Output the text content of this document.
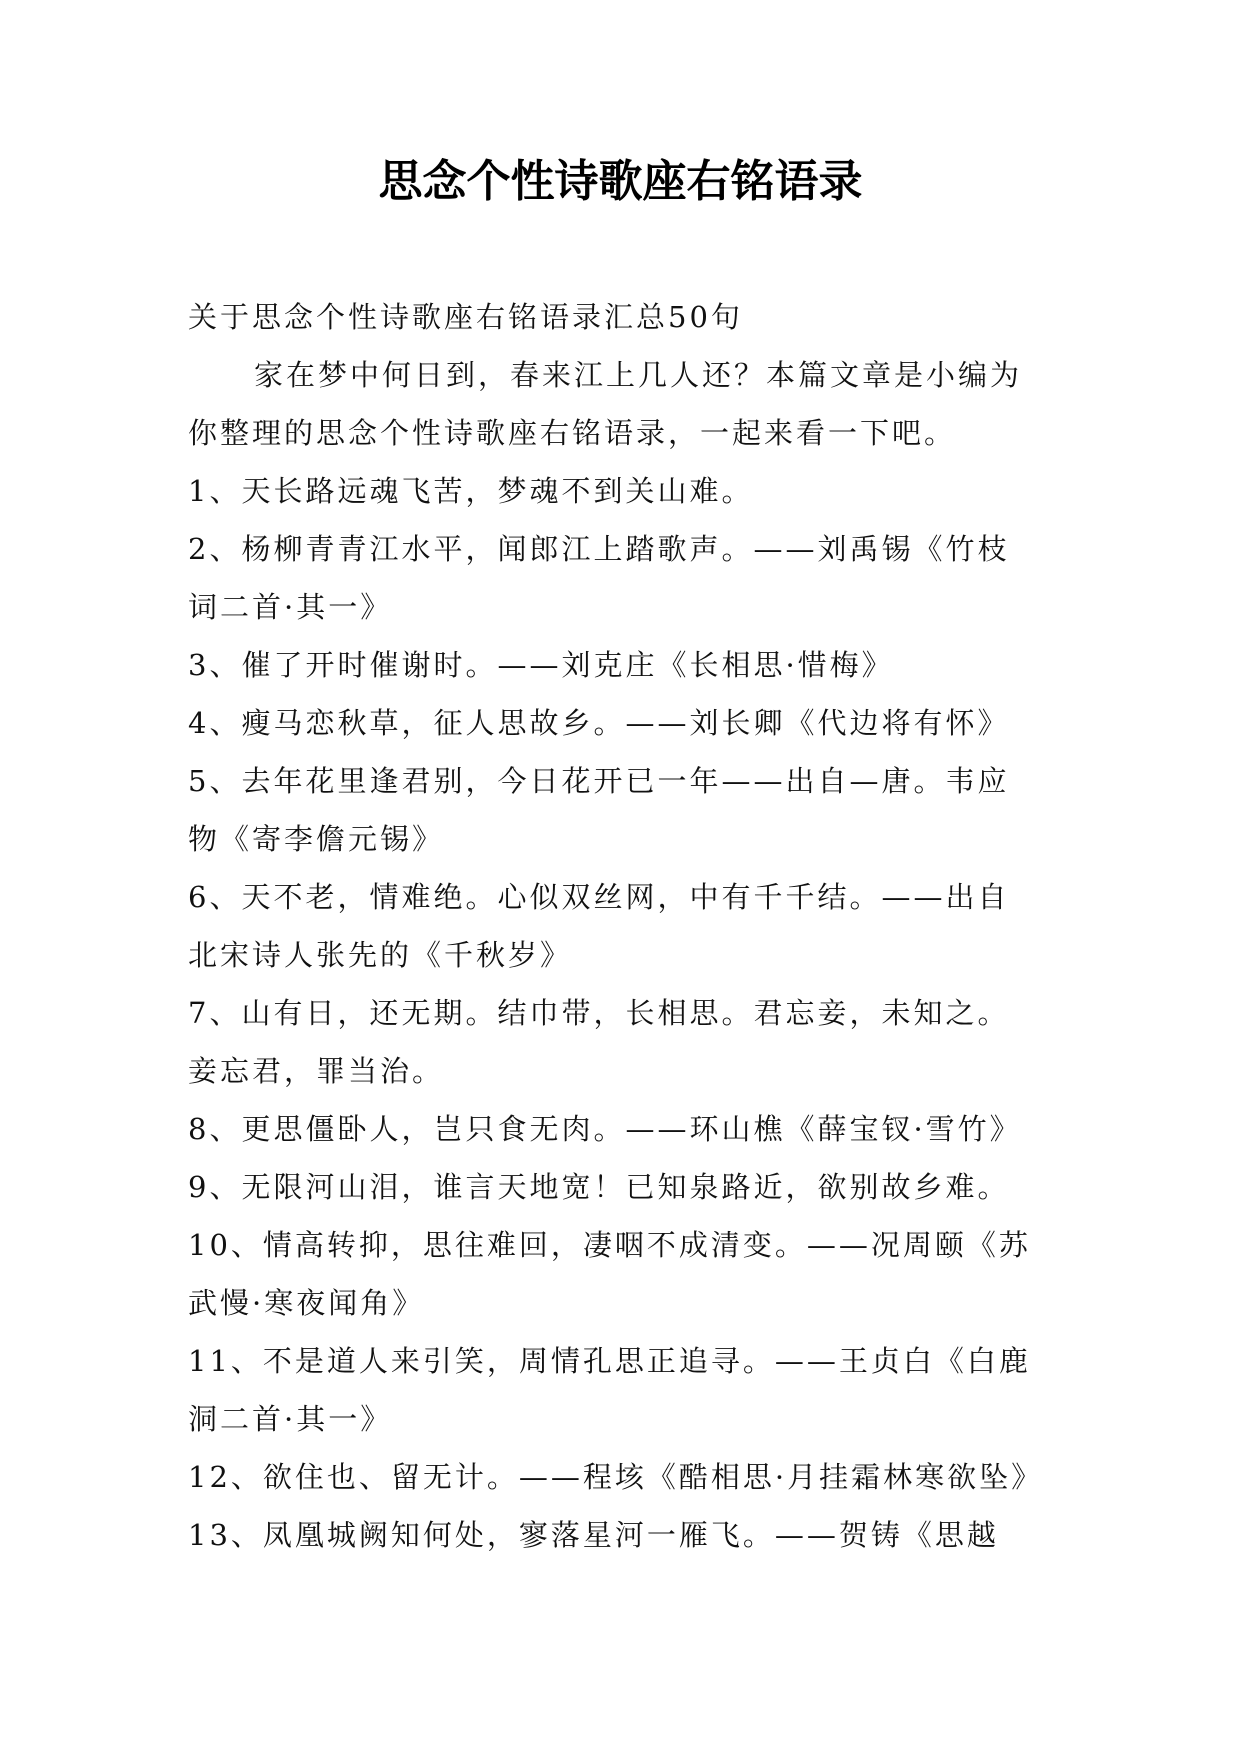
思念个性诗歌座右铭语录
关于思念个性诗歌座右铭语录汇总50句
家在梦中何日到，春来江上几人还？本篇文章是小编为
你整理的思念个性诗歌座右铭语录，一起来看一下吧。
1、天长路远魂飞苦，梦魂不到关山难。
2、杨柳青青江水平，闻郎江上踏歌声。——刘禹锡《竹枝
词二首·其一》
3、催了开时催谢时。——刘克庄《长相思·惜梅》
4、瘦马恋秋草，征人思故乡。——刘长卿《代边将有怀》
5、去年花里逢君别，今日花开已一年——出自—唐。韦应
物《寄李儋元锡》
6、天不老，情难绝。心似双丝网，中有千千结。——出自
北宋诗人张先的《千秋岁》
7、山有日，还无期。结巾带，长相思。君忘妾，未知之。
妾忘君，罪当治。
8、更思僵卧人，岂只食无肉。——环山樵《薛宝钗·雪竹》
9、无限河山泪，谁言天地宽！已知泉路近，欲别故乡难。
10、情高转抑，思往难回，凄咽不成清变。——况周颐《苏
武慢·寒夜闻角》
11、不是道人来引笑，周情孔思正追寻。——王贞白《白鹿
洞二首·其一》
12、欲住也、留无计。——程垓《酷相思·月挂霜林寒欲坠》
13、凤凰城阙知何处，寥落星河一雁飞。——贺铸《思越
